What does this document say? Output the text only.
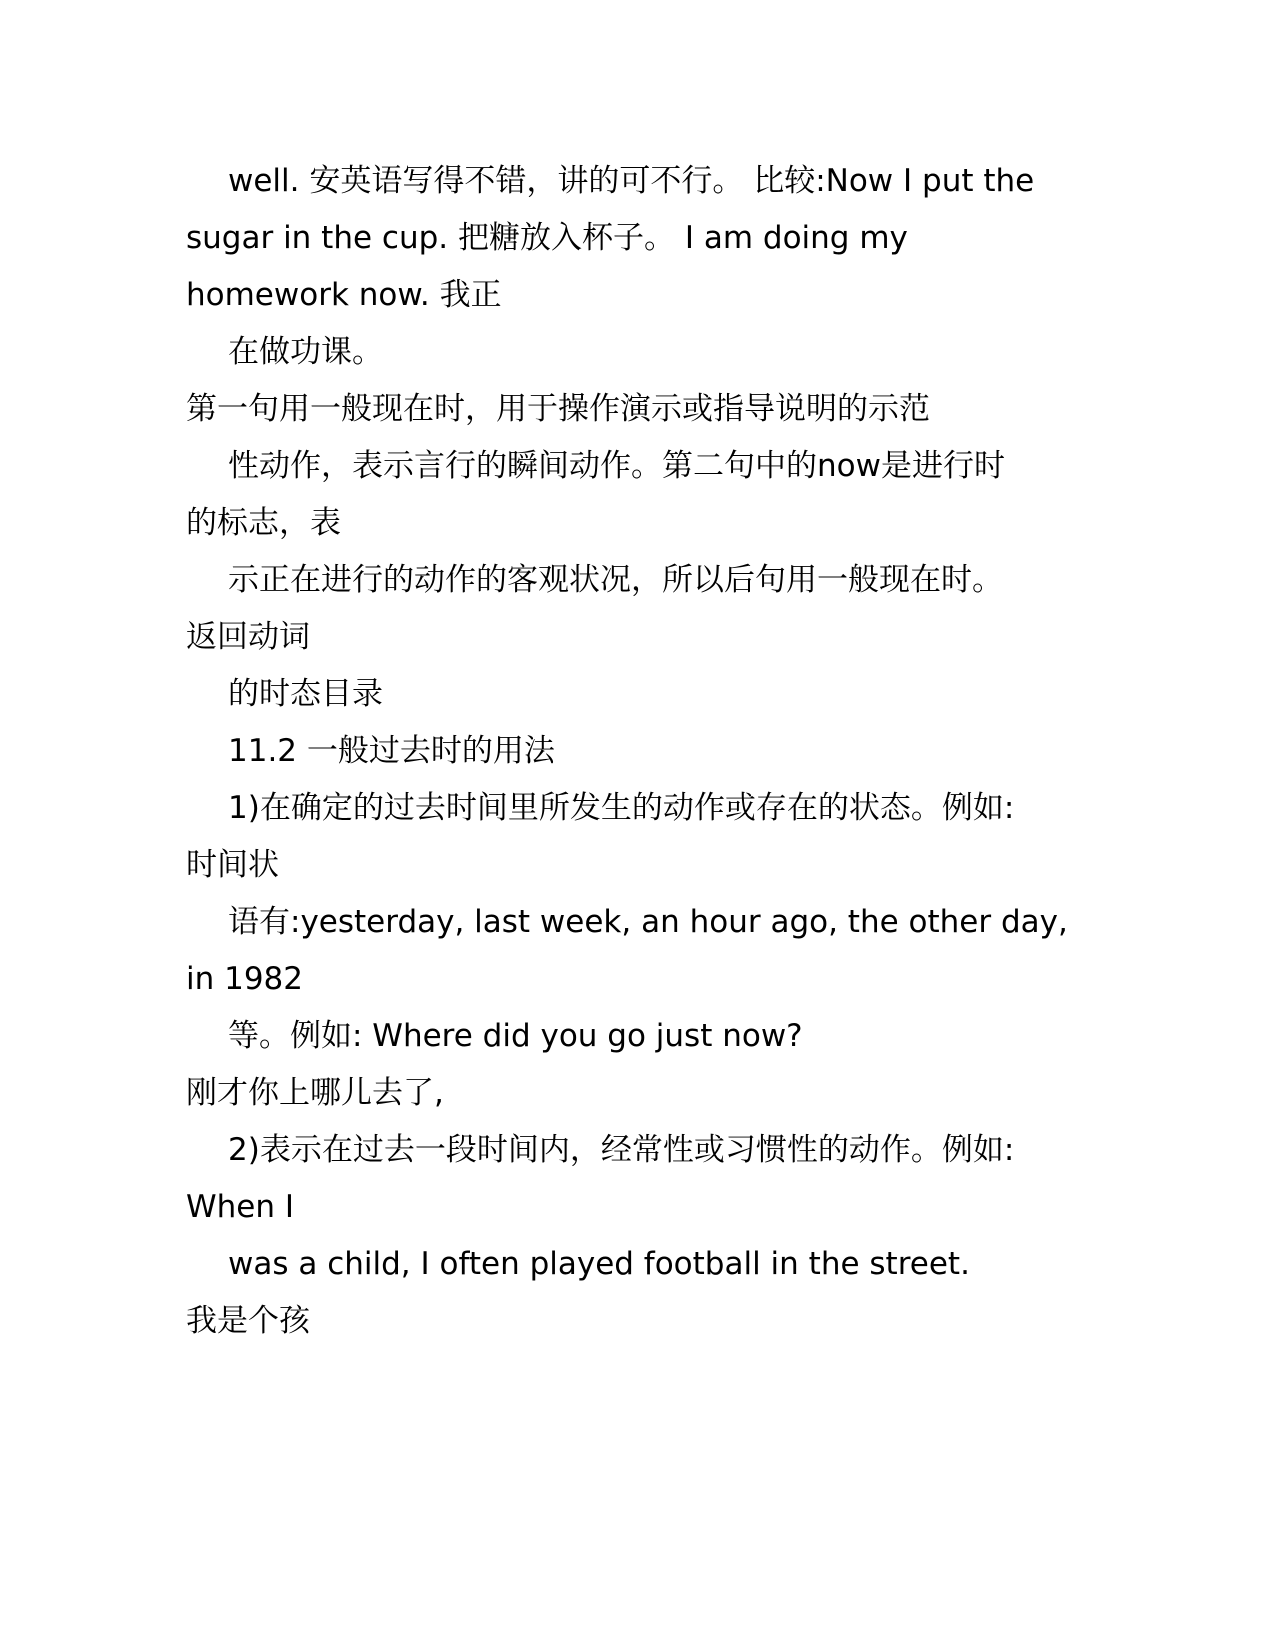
well. 安英语写得不错，讲的可不行。 比较:Now I put the
sugar in the cup. 把糖放入杯子。 I am doing my
homework now. 我正
在做功课。
第一句用一般现在时，用于操作演示或指导说明的示范
性动作，表示言行的瞬间动作。第二句中的now是进行时
的标志，表
示正在进行的动作的客观状况，所以后句用一般现在时。
返回动词
的时态目录
11.2 一般过去时的用法
1)在确定的过去时间里所发生的动作或存在的状态。例如:
时间状
语有:yesterday, last week, an hour ago, the other day,
in 1982
等。例如: Where did you go just now?
刚才你上哪儿去了,
2)表示在过去一段时间内，经常性或习惯性的动作。例如:
When I
was a child, I often played football in the street.
我是个孩
